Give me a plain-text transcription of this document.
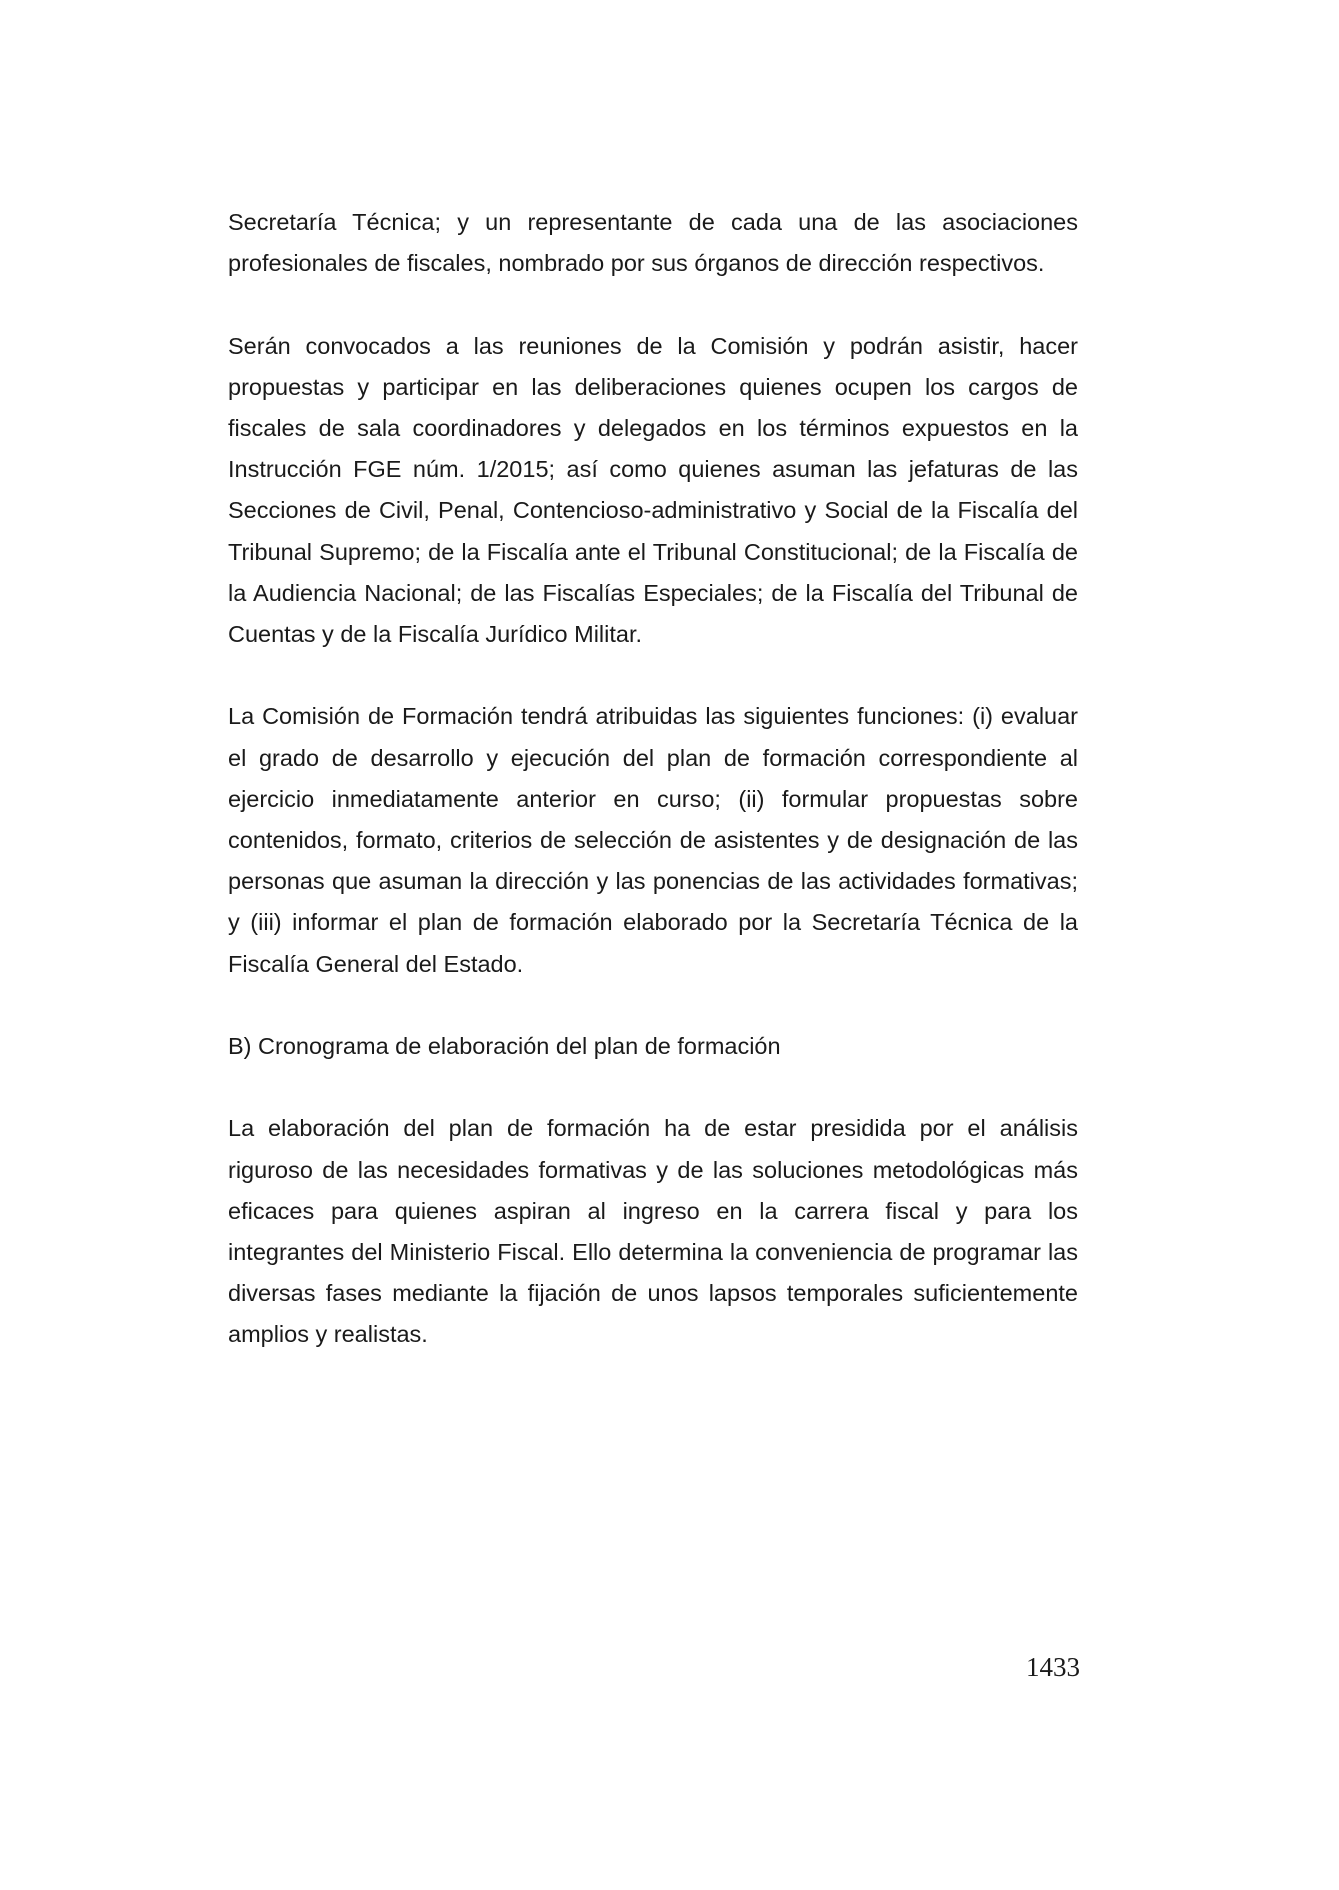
Secretaría Técnica; y un representante de cada una de las asociaciones profesionales de fiscales, nombrado por sus órganos de dirección respectivos.

Serán convocados a las reuniones de la Comisión y podrán asistir, hacer propuestas y participar en las deliberaciones quienes ocupen los cargos de fiscales de sala coordinadores y delegados en los términos expuestos en la Instrucción FGE núm. 1/2015; así como quienes asuman las jefaturas de las Secciones de Civil, Penal, Contencioso-administrativo y Social de la Fiscalía del Tribunal Supremo; de la Fiscalía ante el Tribunal Constitucional; de la Fiscalía de la Audiencia Nacional; de las Fiscalías Especiales; de la Fiscalía del Tribunal de Cuentas y de la Fiscalía Jurídico Militar.

La Comisión de Formación tendrá atribuidas las siguientes funciones: (i) evaluar el grado de desarrollo y ejecución del plan de formación correspondiente al ejercicio inmediatamente anterior en curso; (ii) formular propuestas sobre contenidos, formato, criterios de selección de asistentes y de designación de las personas que asuman la dirección y las ponencias de las actividades formativas; y (iii) informar el plan de formación elaborado por la Secretaría Técnica de la Fiscalía General del Estado.

B) Cronograma de elaboración del plan de formación

La elaboración del plan de formación ha de estar presidida por el análisis riguroso de las necesidades formativas y de las soluciones metodológicas más eficaces para quienes aspiran al ingreso en la carrera fiscal y para los integrantes del Ministerio Fiscal. Ello determina la conveniencia de programar las diversas fases mediante la fijación de unos lapsos temporales suficientemente amplios y realistas.

1433
